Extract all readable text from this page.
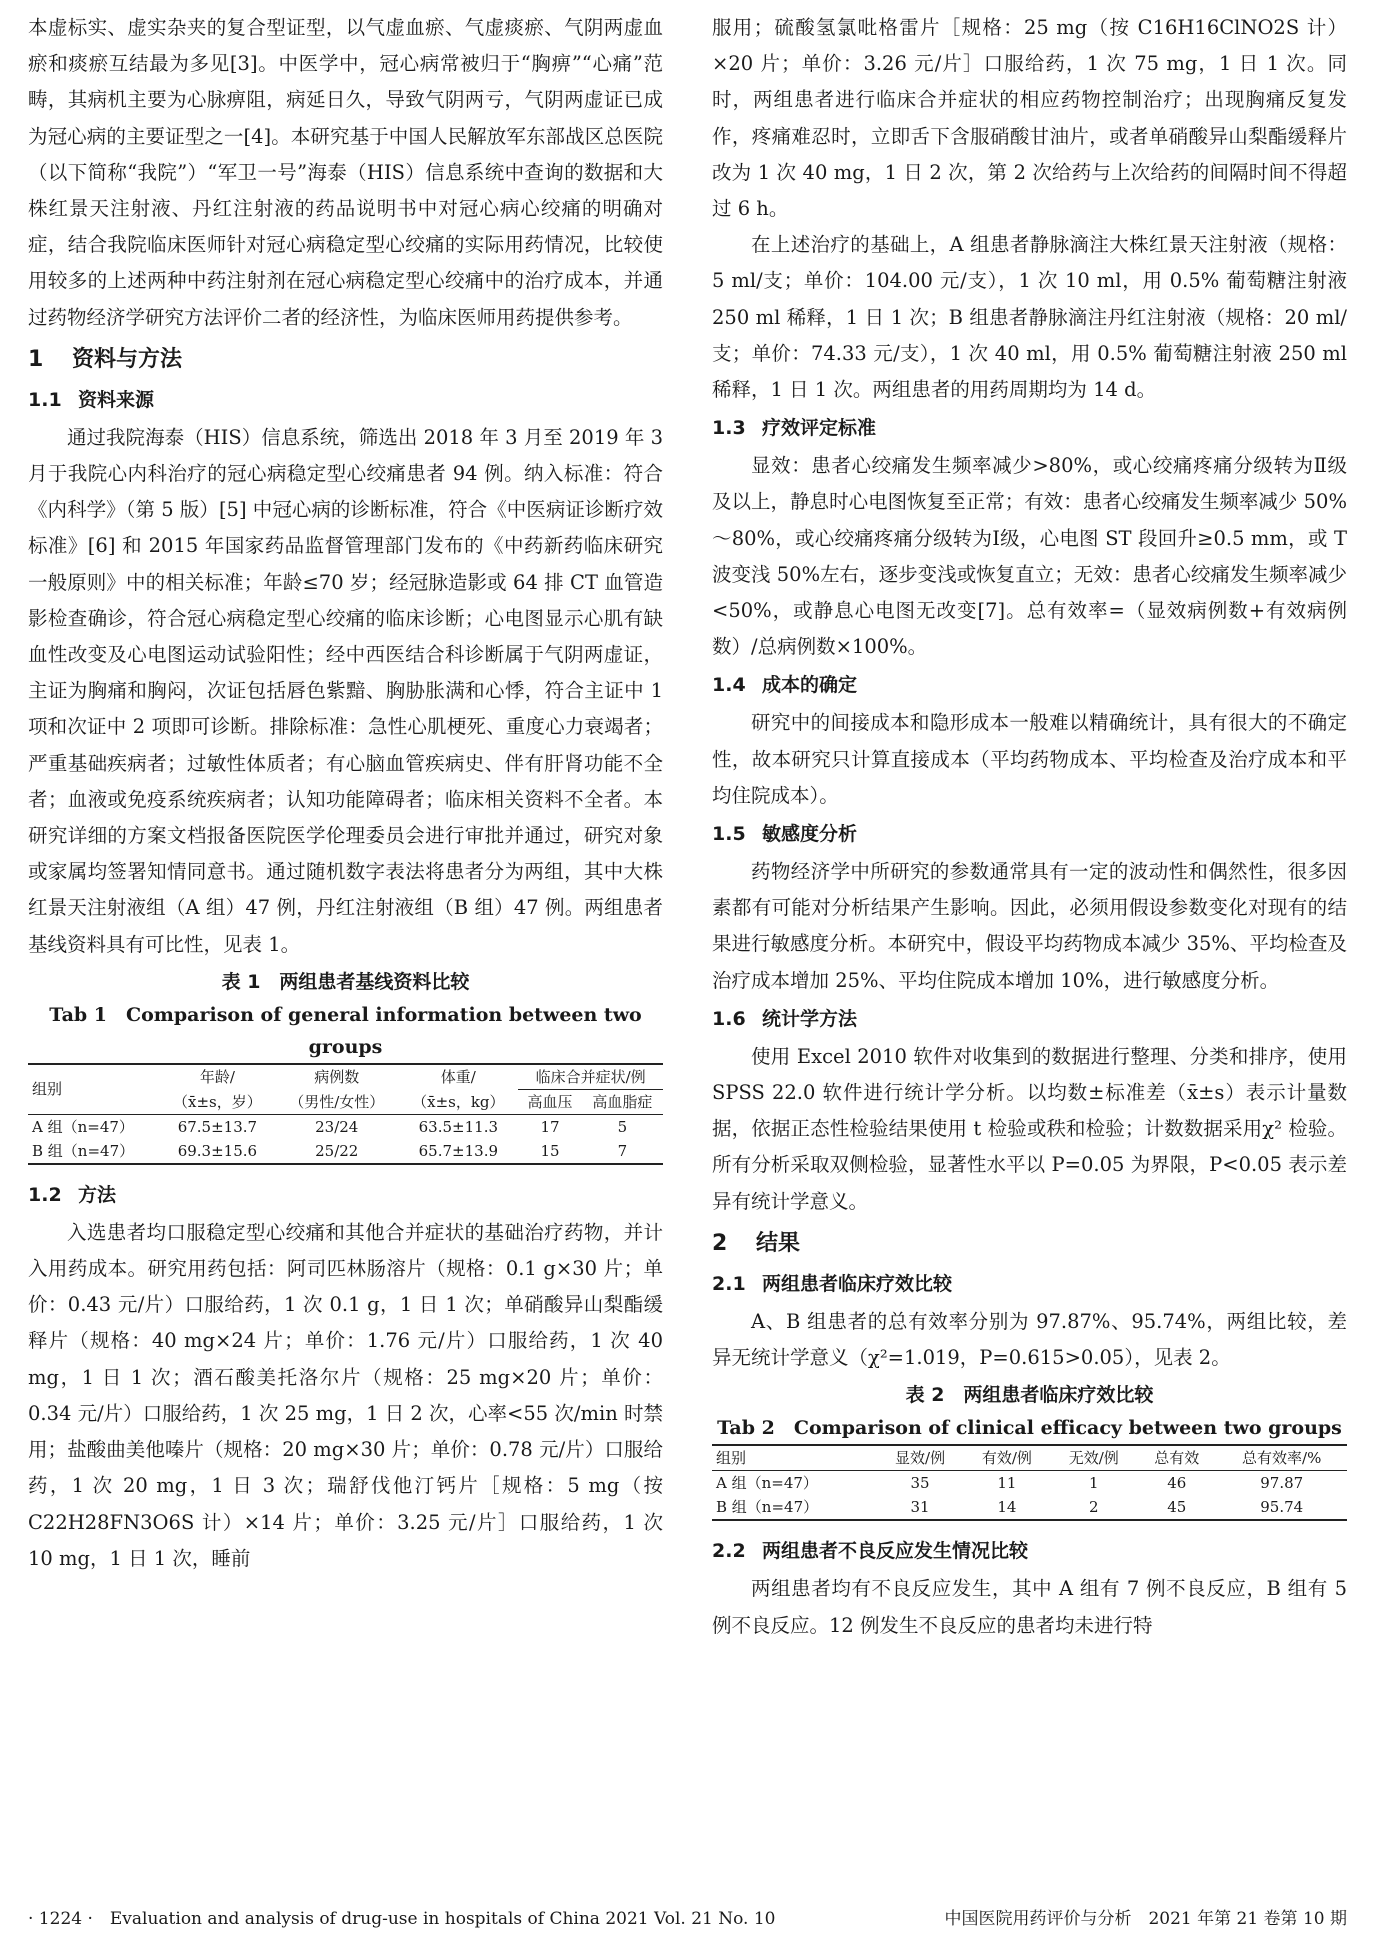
本虚标实、虚实杂夹的复合型证型，以气虚血瘀、气虚痰瘀、气阴两虚血瘀和痰瘀互结最为多见[3]。中医学中，冠心病常被归于“胸痹”“心痛”范畴，其病机主要为心脉痹阻，病延日久，导致气阴两亏，气阴两虚证已成为冠心病的主要证型之一[4]。本研究基于中国人民解放军东部战区总医院（以下简称“我院”）“军卫一号”海泰（HIS）信息系统中查询的数据和大株红景天注射液、丹红注射液的药品说明书中对冠心病心绞痛的明确对症，结合我院临床医师针对冠心病稳定型心绞痛的实际用药情况，比较使用较多的上述两种中药注射剂在冠心病稳定型心绞痛中的治疗成本，并通过药物经济学研究方法评价二者的经济性，为临床医师用药提供参考。

1 资料与方法
1.1 资料来源

通过我院海泰（HIS）信息系统，筛选出 2018 年 3 月至 2019 年 3 月于我院心内科治疗的冠心病稳定型心绞痛患者 94 例。纳入标准：符合《内科学》（第 5 版）[5] 中冠心病的诊断标准，符合《中医病证诊断疗效标准》[6] 和 2015 年国家药品监督管理部门发布的《中药新药临床研究一般原则》中的相关标准；年龄≤70 岁；经冠脉造影或 64 排 CT 血管造影检查确诊，符合冠心病稳定型心绞痛的临床诊断；心电图显示心肌有缺血性改变及心电图运动试验阳性；经中西医结合科诊断属于气阴两虚证，主证为胸痛和胸闷，次证包括唇色紫黯、胸胁胀满和心悸，符合主证中 1 项和次证中 2 项即可诊断。排除标准：急性心肌梗死、重度心力衰竭者；严重基础疾病者；过敏性体质者；有心脑血管疾病史、伴有肝肾功能不全者；血液或免疫系统疾病者；认知功能障碍者；临床相关资料不全者。本研究详细的方案文档报备医院医学伦理委员会进行审批并通过，研究对象或家属均签署知情同意书。通过随机数字表法将患者分为两组，其中大株红景天注射液组（A 组）47 例，丹红注射液组（B 组）47 例。两组患者基线资料具有可比性，见表 1。

表 1　两组患者基线资料比较
Tab 1　Comparison of general information between two groups
组别	年龄/	病例数	体重/	临床合并症状/例	
	（x̄±s，岁）	（男性/女性）	（x̄±s，kg）	高血压	高血脂症
A 组（n=47）	67.5±13.7	23/24	63.5±11.3	17	5
B 组（n=47）	69.3±15.6	25/22	65.7±13.9	15	7
1.2 方法

入选患者均口服稳定型心绞痛和其他合并症状的基础治疗药物，并计入用药成本。研究用药包括：阿司匹林肠溶片（规格：0.1 g×30 片；单价：0.43 元/片）口服给药，1 次 0.1 g，1 日 1 次；单硝酸异山梨酯缓释片（规格：40 mg×24 片；单价：1.76 元/片）口服给药，1 次 40 mg，1 日 1 次；酒石酸美托洛尔片（规格：25 mg×20 片；单价：0.34 元/片）口服给药，1 次 25 mg，1 日 2 次，心率<55 次/min 时禁用；盐酸曲美他嗪片（规格：20 mg×30 片；单价：0.78 元/片）口服给药，1 次 20 mg，1 日 3 次；瑞舒伐他汀钙片［规格：5 mg（按 C22H28FN3O6S 计）×14 片；单价：3.25 元/片］口服给药，1 次 10 mg，1 日 1 次，睡前

服用；硫酸氢氯吡格雷片［规格：25 mg（按 C16H16ClNO2S 计）×20 片；单价：3.26 元/片］口服给药，1 次 75 mg，1 日 1 次。同时，两组患者进行临床合并症状的相应药物控制治疗；出现胸痛反复发作，疼痛难忍时，立即舌下含服硝酸甘油片，或者单硝酸异山梨酯缓释片改为 1 次 40 mg，1 日 2 次，第 2 次给药与上次给药的间隔时间不得超过 6 h。

在上述治疗的基础上，A 组患者静脉滴注大株红景天注射液（规格：5 ml/支；单价：104.00 元/支），1 次 10 ml，用 0.5% 葡萄糖注射液 250 ml 稀释，1 日 1 次；B 组患者静脉滴注丹红注射液（规格：20 ml/支；单价：74.33 元/支），1 次 40 ml，用 0.5% 葡萄糖注射液 250 ml 稀释，1 日 1 次。两组患者的用药周期均为 14 d。

1.3 疗效评定标准

显效：患者心绞痛发生频率减少>80%，或心绞痛疼痛分级转为Ⅱ级及以上，静息时心电图恢复至正常；有效：患者心绞痛发生频率减少 50%～80%，或心绞痛疼痛分级转为Ⅰ级，心电图 ST 段回升≥0.5 mm，或 T 波变浅 50%左右，逐步变浅或恢复直立；无效：患者心绞痛发生频率减少<50%，或静息心电图无改变[7]。总有效率=（显效病例数+有效病例数）/总病例数×100%。

1.4 成本的确定

研究中的间接成本和隐形成本一般难以精确统计，具有很大的不确定性，故本研究只计算直接成本（平均药物成本、平均检查及治疗成本和平均住院成本）。

1.5 敏感度分析

药物经济学中所研究的参数通常具有一定的波动性和偶然性，很多因素都有可能对分析结果产生影响。因此，必须用假设参数变化对现有的结果进行敏感度分析。本研究中，假设平均药物成本减少 35%、平均检查及治疗成本增加 25%、平均住院成本增加 10%，进行敏感度分析。

1.6 统计学方法

使用 Excel 2010 软件对收集到的数据进行整理、分类和排序，使用 SPSS 22.0 软件进行统计学分析。以均数±标准差（x̄±s）表示计量数据，依据正态性检验结果使用 t 检验或秩和检验；计数数据采用χ² 检验。所有分析采取双侧检验，显著性水平以 P=0.05 为界限，P<0.05 表示差异有统计学意义。

2 结果
2.1 两组患者临床疗效比较

A、B 组患者的总有效率分别为 97.87%、95.74%，两组比较，差异无统计学意义（χ²=1.019，P=0.615>0.05），见表 2。

表 2　两组患者临床疗效比较
Tab 2　Comparison of clinical efficacy between two groups
组别	显效/例	有效/例	无效/例	总有效	总有效率/%
A 组（n=47）	35	11	1	46	97.87
B 组（n=47）	31	14	2	45	95.74
2.2 两组患者不良反应发生情况比较

两组患者均有不良反应发生，其中 A 组有 7 例不良反应，B 组有 5 例不良反应。12 例发生不良反应的患者均未进行特

· 1224 ·　Evaluation and analysis of drug-use in hospitals of China 2021 Vol. 21 No. 10	中国医院用药评价与分析　2021 年第 21 卷第 10 期
